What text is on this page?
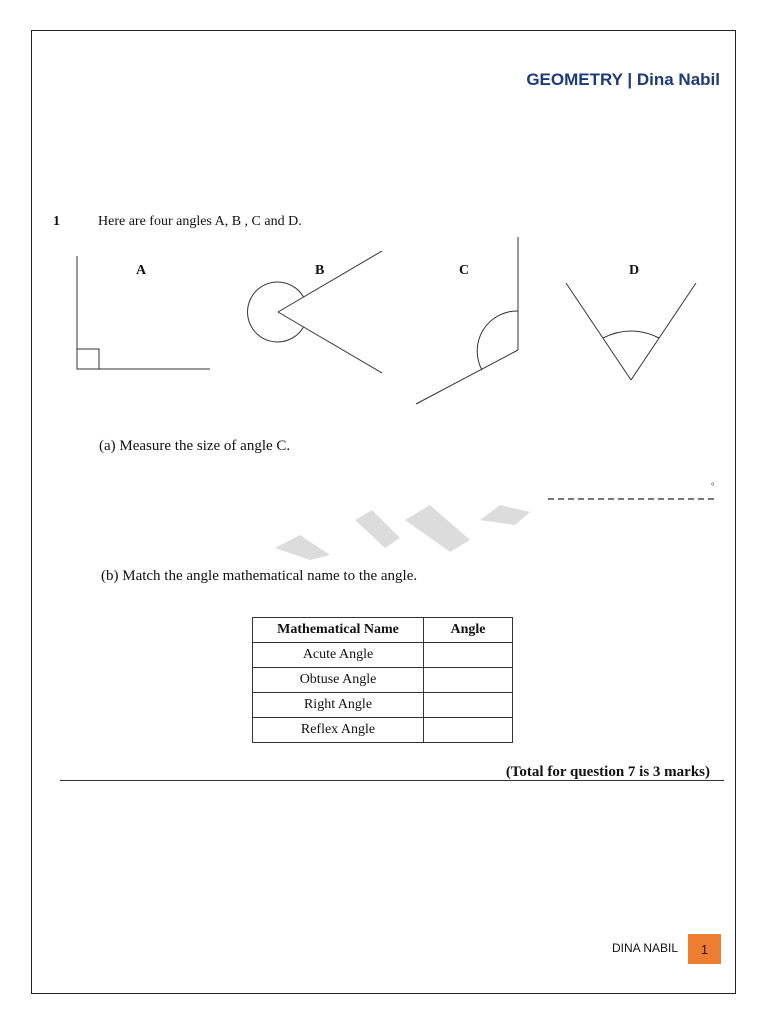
GEOMETRY | Dina Nabil
1	Here are four angles A, B , C and D.
A	B	C	D
(a) Measure the size of angle C.
°
(b) Match the angle mathematical name to the angle.
Mathematical Name	Angle
Acute Angle	
Obtuse Angle	
Right Angle	
Reflex Angle	
(Total for question 7 is 3 marks)
DINA NABIL	1
